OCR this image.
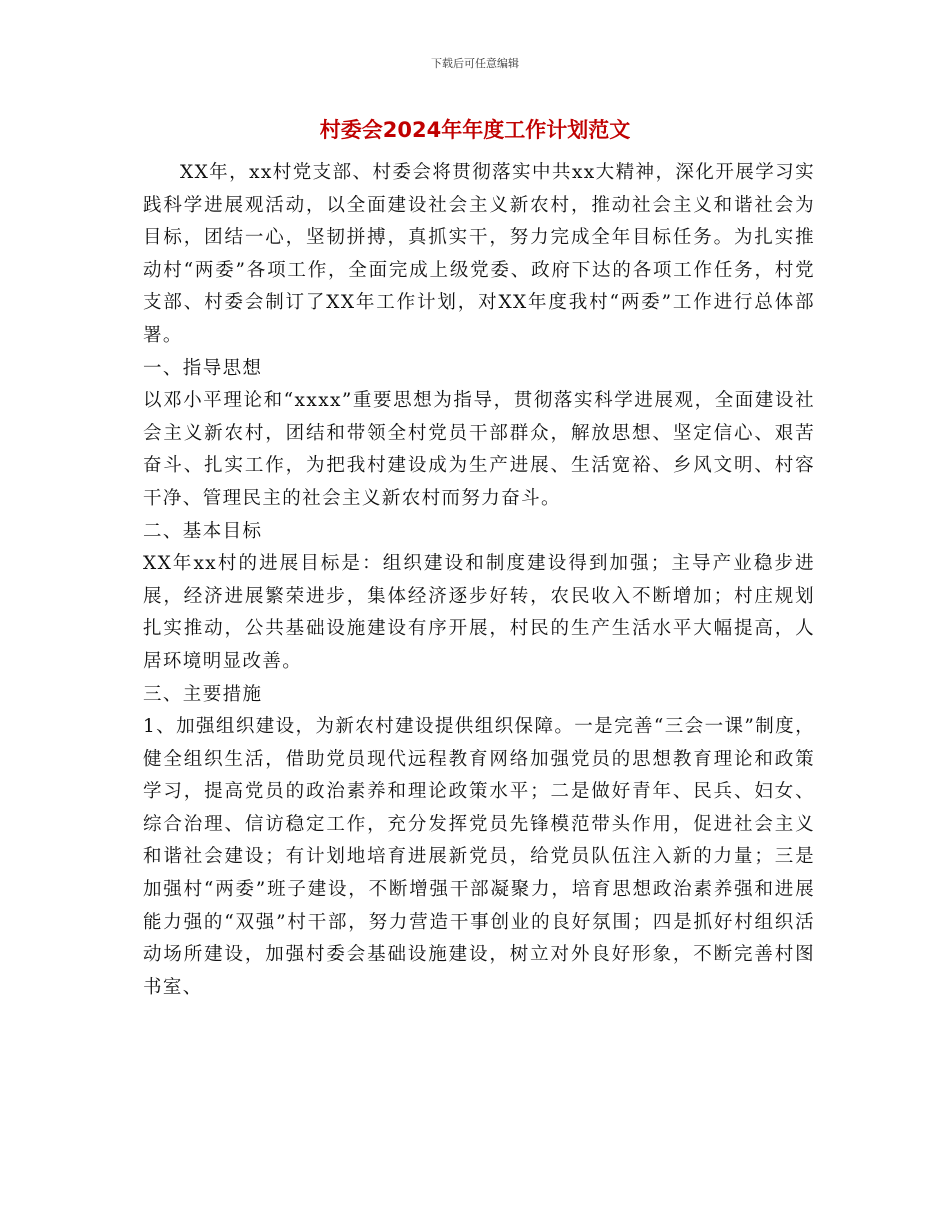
下载后可任意编辑
村委会2024年年度工作计划范文

XX年，xx村党支部、村委会将贯彻落实中共xx大精神，深化开展学习实践科学进展观活动，以全面建设社会主义新农村，推动社会主义和谐社会为目标，团结一心，坚韧拼搏，真抓实干，努力完成全年目标任务。为扎实推动村“两委”各项工作，全面完成上级党委、政府下达的各项工作任务，村党支部、村委会制订了XX年工作计划，对XX年度我村“两委”工作进行总体部署。

一、指导思想

以邓小平理论和“xxxx”重要思想为指导，贯彻落实科学进展观，全面建设社会主义新农村，团结和带领全村党员干部群众，解放思想、坚定信心、艰苦奋斗、扎实工作，为把我村建设成为生产进展、生活宽裕、乡风文明、村容干净、管理民主的社会主义新农村而努力奋斗。

二、基本目标

XX年xx村的进展目标是：组织建设和制度建设得到加强；主导产业稳步进展，经济进展繁荣进步，集体经济逐步好转，农民收入不断增加；村庄规划扎实推动，公共基础设施建设有序开展，村民的生产生活水平大幅提高，人居环境明显改善。

三、主要措施

1、加强组织建设，为新农村建设提供组织保障。一是完善“三会一课”制度，健全组织生活，借助党员现代远程教育网络加强党员的思想教育理论和政策学习，提高党员的政治素养和理论政策水平；二是做好青年、民兵、妇女、综合治理、信访稳定工作，充分发挥党员先锋模范带头作用，促进社会主义和谐社会建设；有计划地培育进展新党员，给党员队伍注入新的力量；三是加强村“两委”班子建设，不断增强干部凝聚力，培育思想政治素养强和进展能力强的“双强”村干部，努力营造干事创业的良好氛围；四是抓好村组织活动场所建设，加强村委会基础设施建设，树立对外良好形象，不断完善村图书室、
